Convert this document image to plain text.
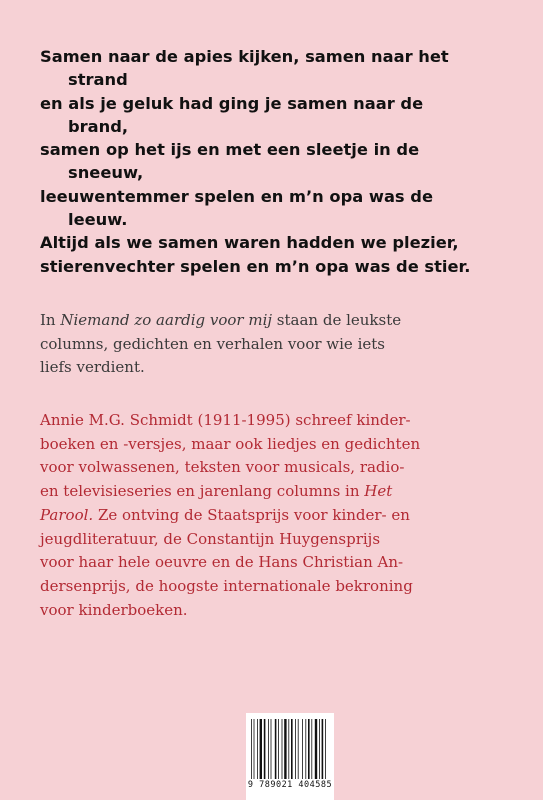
Samen naar de apies kijken, samen naar het
strand
en als je geluk had ging je samen naar de
brand,
samen op het ijs en met een sleetje in de
sneeuw,
leeuwentemmer spelen en m’n opa was de
leeuw.
Altijd als we samen waren hadden we plezier,
stierenvechter spelen en m’n opa was de stier.
In Niemand zo aardig voor mij staan de leukste
columns, gedichten en verhalen voor wie iets
liefs verdient.
Annie M.G. Schmidt (1911-1995) schreef kinder-
boeken en -versjes, maar ook liedjes en gedichten
voor volwassenen, teksten voor musicals, radio-
en televisieseries en jarenlang columns in Het
Parool. Ze ontving de Staatsprijs voor kinder- en
jeugdliteratuur, de Constantijn Huygensprijs
voor haar hele oeuvre en de Hans Christian An-
dersenprijs, de hoogste internationale bekroning
voor kinderboeken.
9 789021 404585
